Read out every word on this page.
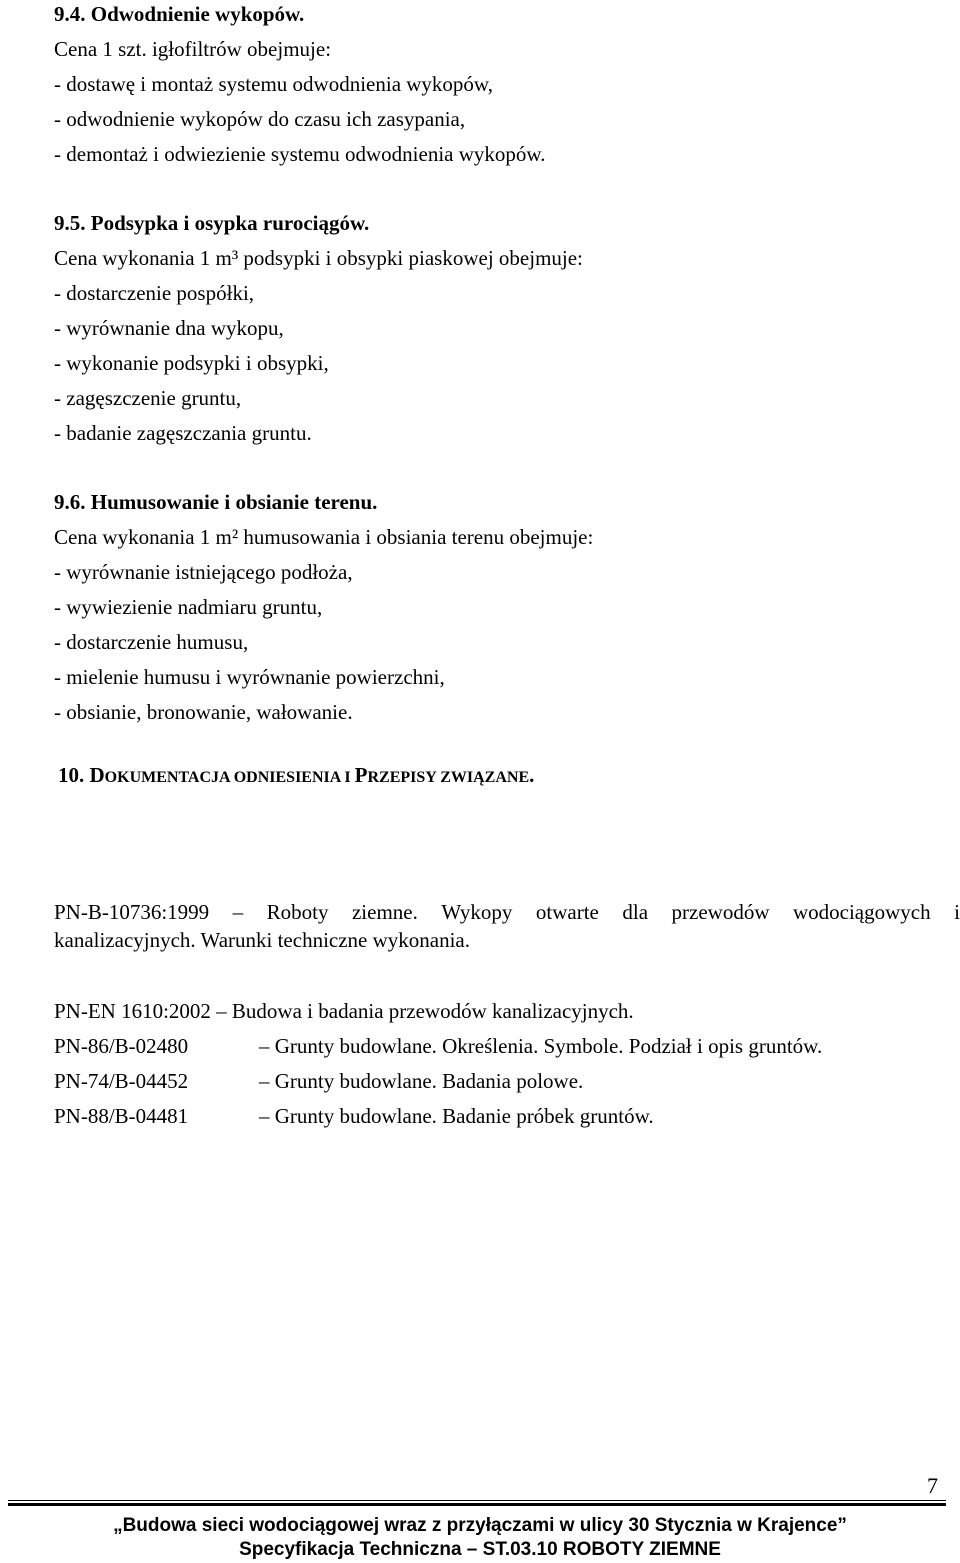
9.4. Odwodnienie wykopów.
Cena 1 szt. igłofiltrów obejmuje:
- dostawę i montaż systemu odwodnienia wykopów,
- odwodnienie wykopów do czasu ich zasypania,
- demontaż i odwiezienie systemu odwodnienia wykopów.
9.5. Podsypka i osypka rurociągów.
Cena wykonania 1 m³ podsypki i obsypki piaskowej obejmuje:
- dostarczenie pospółki,
- wyrównanie dna wykopu,
- wykonanie podsypki i obsypki,
- zagęszczenie gruntu,
- badanie zagęszczania gruntu.
9.6. Humusowanie i obsianie terenu.
Cena wykonania 1 m² humusowania i obsiania terenu obejmuje:
- wyrównanie istniejącego podłoża,
- wywiezienie nadmiaru gruntu,
- dostarczenie humusu,
- mielenie humusu i wyrównanie powierzchni,
- obsianie, bronowanie, wałowanie.
10. DOKUMENTACJA ODNIESIENIA I PRZEPISY ZWIĄZANE.
PN-B-10736:1999 – Roboty ziemne. Wykopy otwarte dla przewodów wodociągowych i
kanalizacyjnych. Warunki techniczne wykonania.
PN-EN 1610:2002 – Budowa i badania przewodów kanalizacyjnych.
PN-86/B-02480	– Grunty budowlane. Określenia. Symbole. Podział i opis gruntów.
PN-74/B-04452	– Grunty budowlane. Badania polowe.
PN-88/B-04481	– Grunty budowlane. Badanie próbek gruntów.
7
„Budowa sieci wodociągowej wraz z przyłączami w ulicy 30 Stycznia w Krajence”
Specyfikacja Techniczna – ST.03.10 ROBOTY ZIEMNE
